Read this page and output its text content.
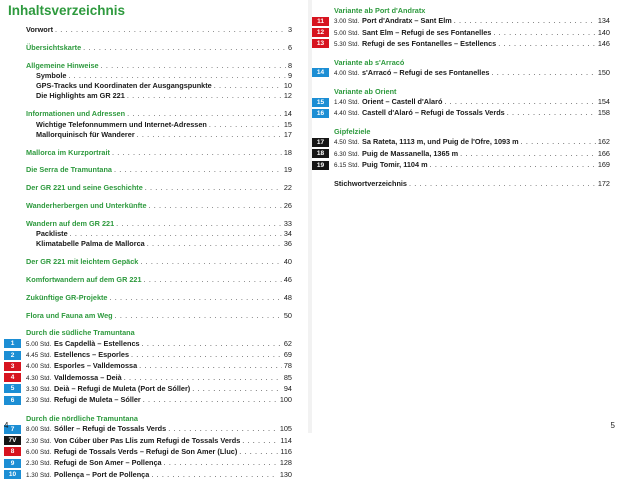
Inhaltsverzeichnis
Vorwort . . .	3
Übersichtskarte . . .	6
Allgemeine Hinweise . . .	8
Symbole . . .	9
GPS-Tracks und Koordinaten der Ausgangspunkte . . .	10
Die Highlights am GR 221 . . .	12
Informationen und Adressen . . .	14
Wichtige Telefonnummern und Internet-Adressen . . .	15
Mallorquinisch für Wanderer . . .	17
Mallorca im Kurzportrait . . .	18
Die Serra de Tramuntana . . .	19
Der GR 221 und seine Geschichte . . .	22
Wanderherbergen und Unterkünfte . . .	26
Wandern auf dem GR 221 . . .	33
Packliste . . .	34
Klimatabelle Palma de Mallorca . . .	36
Der GR 221 mit leichtem Gepäck . . .	40
Komfortwandern auf dem GR 221 . . .	46
Zukünftige GR-Projekte . . .	48
Flora und Fauna am Weg . . .	50
Durch die südliche Tramuntana
1	5.00 Std. Es Capdellà – Estellencs . . .	62
2	4.45 Std. Estellencs – Esporles . . .	69
3	4.00 Std. Esporles – Valldemossa . . .	78
4	4.30 Std. Valldemossa – Deià . . .	85
5	3.30 Std. Deià – Refugi de Muleta (Port de Sóller) . . .	94
6	2.30 Std. Refugi de Muleta – Sóller . . .	100
Durch die nördliche Tramuntana
7	8.00 Std. Sóller – Refugi de Tossals Verds . . .	105
7V	2.30 Std. Von Cúber über Pas Llis zum Refugi de Tossals Verds . . .	114
8	6.00 Std. Refugi de Tossals Verds – Refugi de Son Amer (Lluc) . . .	116
9	2.30 Std. Refugi de Son Amer – Pollença . . .	128
10	1.30 Std. Pollença – Port de Pollença . . .	130
4
Variante ab Port d'Andratx
11	3.00 Std. Port d'Andratx – Sant Elm . . .	134
12	5.00 Std. Sant Elm – Refugi de ses Fontanelles . . .	140
13	5.30 Std. Refugi de ses Fontanelles – Estellencs . . .	146
Variante ab s'Arracó
14	4.00 Std. s'Arracó – Refugi de ses Fontanelles . . .	150
Variante ab Orient
15	1.40 Std. Orient – Castell d'Alaró . . .	154
16	4.40 Std. Castell d'Alaró – Refugi de Tossals Verds . . .	158
Gipfelziele
17	4.50 Std. Sa Rateta, 1113 m, und Puig de l'Ofre, 1093 m . . .	162
18	6.30 Std. Puig de Massanella, 1365 m . . .	166
19	6.15 Std. Puig Tomir, 1104 m . . .	169
Stichwortverzeichnis . . .	172
5
